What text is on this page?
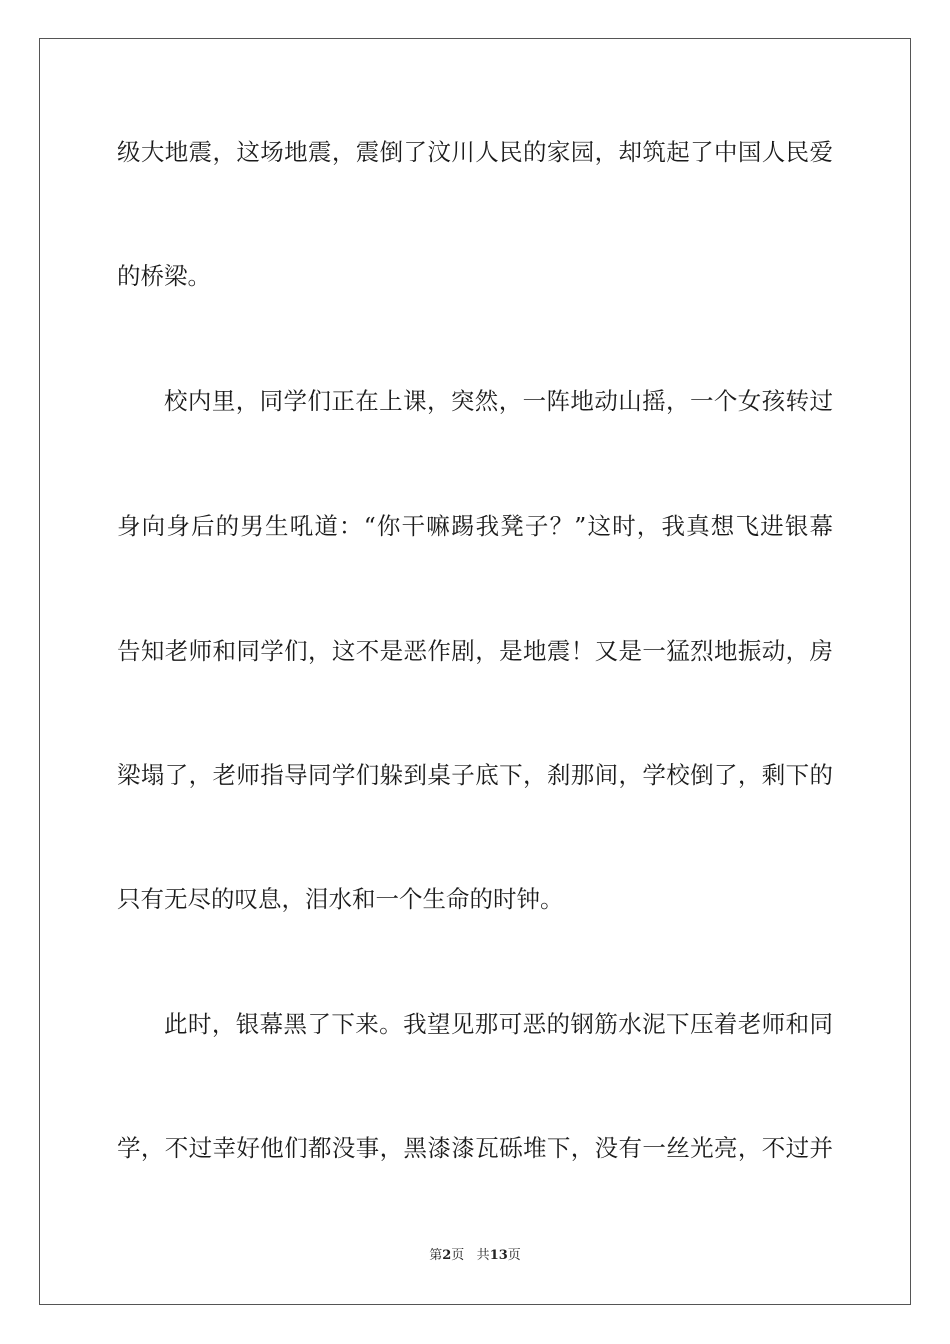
级大地震，这场地震，震倒了汶川人民的家园，却筑起了中国人民爱
的桥梁。
校内里，同学们正在上课，突然，一阵地动山摇，一个女孩转过
身向身后的男生吼道：“你干嘛踢我凳子？”这时，我真想飞进银幕
告知老师和同学们，这不是恶作剧，是地震！又是一猛烈地振动，房
梁塌了，老师指导同学们躲到桌子底下，刹那间，学校倒了，剩下的
只有无尽的叹息，泪水和一个生命的时钟。
此时，银幕黑了下来。我望见那可恶的钢筋水泥下压着老师和同
学，不过幸好他们都没事，黑漆漆瓦砾堆下，没有一丝光亮，不过并
第2页 共13页
